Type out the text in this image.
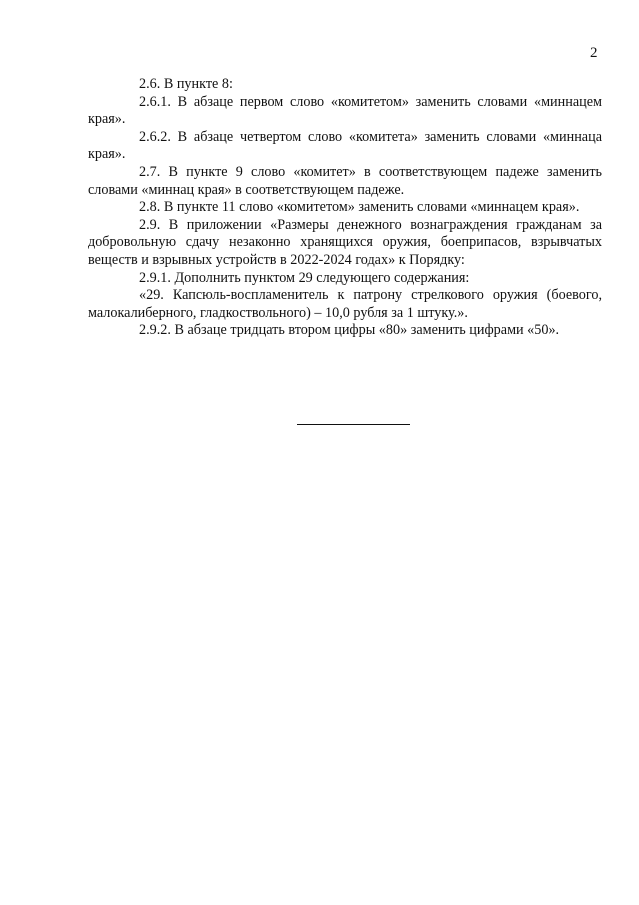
2

2.6. В пункте 8:

2.6.1. В абзаце первом слово «комитетом» заменить словами «миннацем края».

2.6.2. В абзаце четвертом слово «комитета» заменить словами «миннаца края».

2.7. В пункте 9 слово «комитет» в соответствующем падеже заменить словами «миннац края» в соответствующем падеже.

2.8. В пункте 11 слово «комитетом» заменить словами «миннацем края».

2.9. В приложении «Размеры денежного вознаграждения гражданам за добровольную сдачу незаконно хранящихся оружия, боеприпасов, взрывчатых веществ и взрывных устройств в 2022-2024 годах» к Порядку:

2.9.1. Дополнить пунктом 29 следующего содержания:

«29. Капсюль-воспламенитель к патрону стрелкового оружия (боевого, малокалиберного, гладкоствольного) – 10,0 рубля за 1 штуку.».

2.9.2. В абзаце тридцать втором цифры «80» заменить цифрами «50».
